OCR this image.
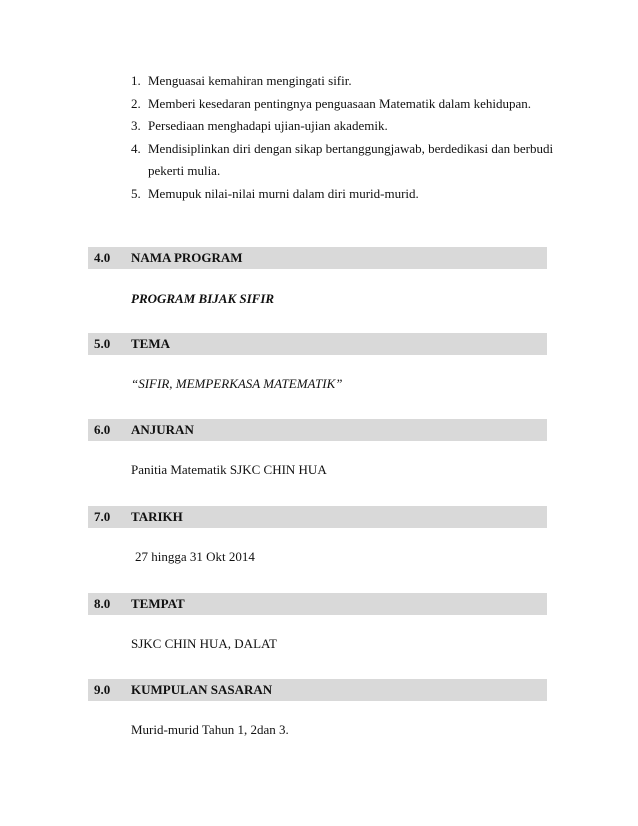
1. Menguasai kemahiran mengingati sifir.
2. Memberi kesedaran pentingnya penguasaan Matematik dalam kehidupan.
3. Persediaan menghadapi ujian-ujian akademik.
4. Mendisiplinkan diri dengan sikap bertanggungjawab, berdedikasi dan berbudi pekerti mulia.
5. Memupuk nilai-nilai murni dalam diri murid-murid.
4.0 NAMA PROGRAM
PROGRAM BIJAK SIFIR
5.0 TEMA
“SIFIR, MEMPERKASA MATEMATIK”
6.0 ANJURAN
Panitia Matematik SJKC CHIN HUA
7.0 TARIKH
27 hingga 31 Okt 2014
8.0 TEMPAT
SJKC CHIN HUA, DALAT
9.0 KUMPULAN SASARAN
Murid-murid Tahun 1, 2dan 3.
